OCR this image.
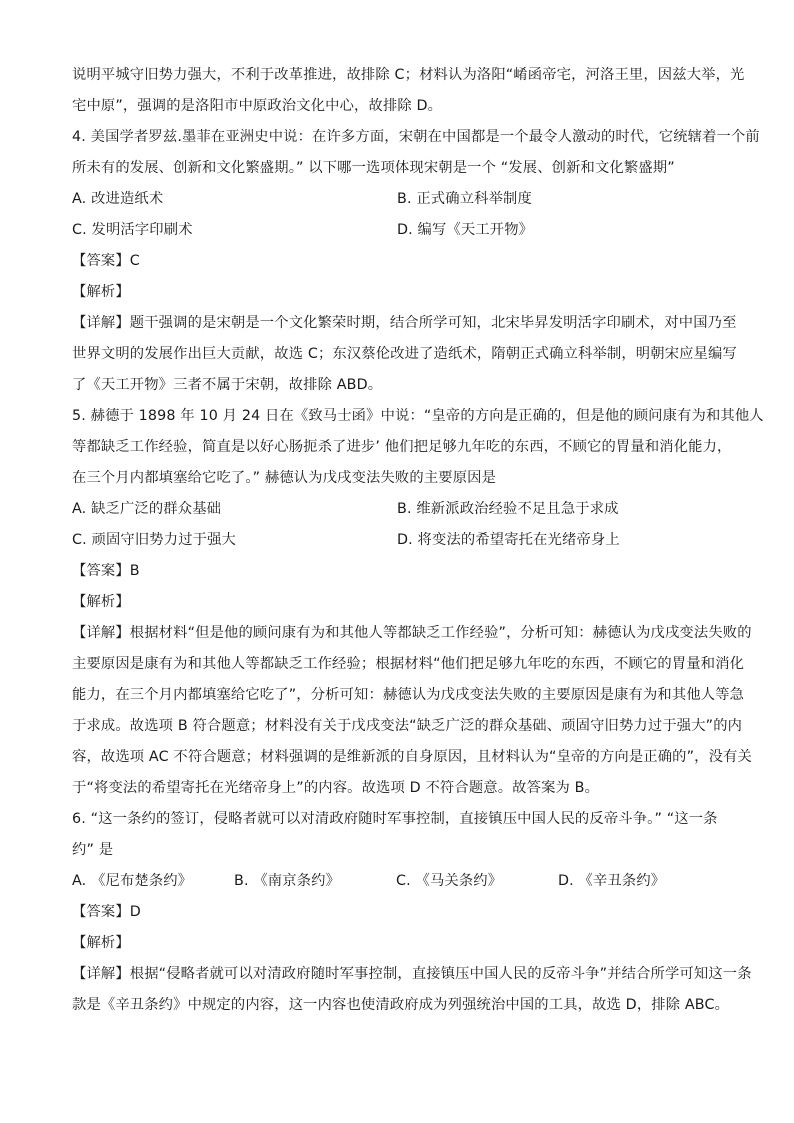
说明平城守旧势力强大，不利于改革推进，故排除 C；材料认为洛阳“崤函帝宅，河洛王里，因兹大举，光
宅中原”，强调的是洛阳市中原政治文化中心，故排除 D。
4. 美国学者罗兹.墨菲在亚洲史中说：在许多方面，宋朝在中国都是一个最令人激动的时代，它统辖着一个前
所未有的发展、创新和文化繁盛期。” 以下哪一选项体现宋朝是一个 “发展、创新和文化繁盛期”
A. 改进造纸术	B. 正式确立科举制度
C. 发明活字印刷术	D. 编写《天工开物》
【答案】C
【解析】
【详解】题干强调的是宋朝是一个文化繁荣时期，结合所学可知，北宋毕昇发明活字印刷术，对中国乃至
世界文明的发展作出巨大贡献，故选 C；东汉蔡伦改进了造纸术，隋朝正式确立科举制，明朝宋应星编写
了《天工开物》三者不属于宋朝，故排除 ABD。
5. 赫德于 1898 年 10 月 24 日在《致马士函》中说：“皇帝的方向是正确的，但是他的顾问康有为和其他人
等都缺乏工作经验，简直是以好心肠扼杀了进步’ 他们把足够九年吃的东西，不顾它的胃量和消化能力，
在三个月内都填塞给它吃了。” 赫德认为戊戌变法失败的主要原因是
A. 缺乏广泛的群众基础	B. 维新派政治经验不足且急于求成
C. 顽固守旧势力过于强大	D. 将变法的希望寄托在光绪帝身上
【答案】B
【解析】
【详解】根据材料“但是他的顾问康有为和其他人等都缺乏工作经验”，分析可知：赫德认为戊戌变法失败的
主要原因是康有为和其他人等都缺乏工作经验；根据材料“他们把足够九年吃的东西，不顾它的胃量和消化
能力，在三个月内都填塞给它吃了”，分析可知：赫德认为戊戌变法失败的主要原因是康有为和其他人等急
于求成。故选项 B 符合题意；材料没有关于戊戌变法“缺乏广泛的群众基础、顽固守旧势力过于强大”的内
容，故选项 AC 不符合题意；材料强调的是维新派的自身原因，且材料认为“皇帝的方向是正确的”，没有关
于“将变法的希望寄托在光绪帝身上”的内容。故选项 D 不符合题意。故答案为 B。
6. “这一条约的签订，侵略者就可以对清政府随时军事控制，直接镇压中国人民的反帝斗争。” “这一条
约” 是
A. 《尼布楚条约》	B. 《南京条约》	C. 《马关条约》	D. 《辛丑条约》
【答案】D
【解析】
【详解】根据“侵略者就可以对清政府随时军事控制，直接镇压中国人民的反帝斗争”并结合所学可知这一条
款是《辛丑条约》中规定的内容，这一内容也使清政府成为列强统治中国的工具，故选 D，排除 ABC。
